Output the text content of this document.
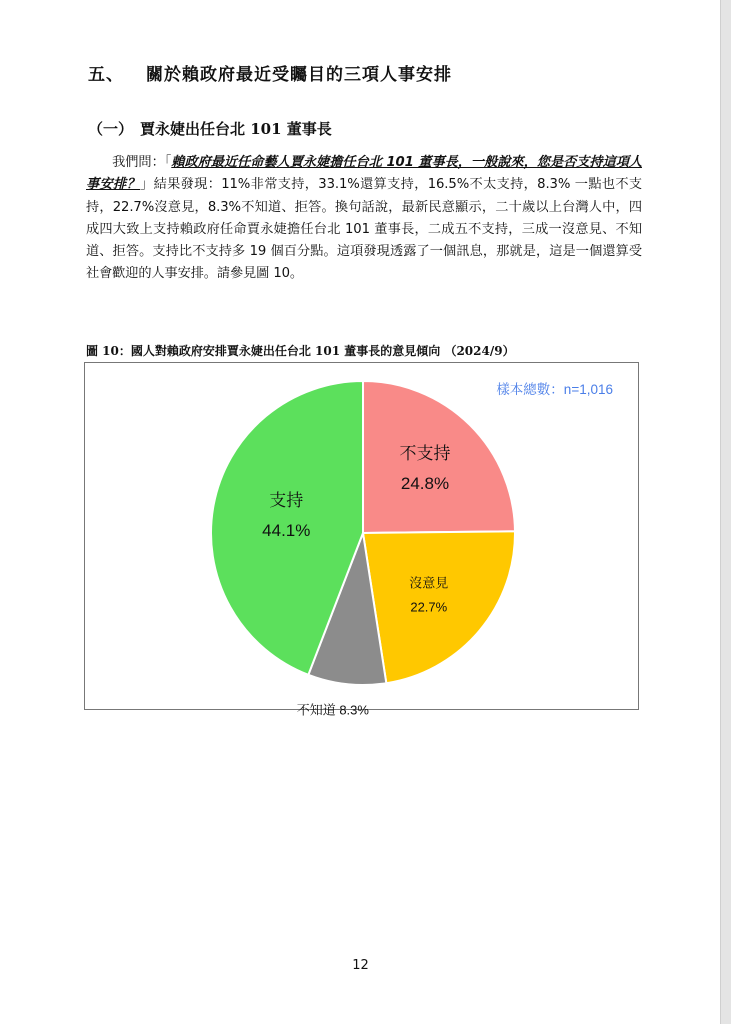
五、 關於賴政府最近受矚目的三項人事安排
（一） 賈永婕出任台北 101 董事長

我們問：「賴政府最近任命藝人賈永婕擔任台北 101 董事長，一般說來，您是否支持這項人事安排？」結果發現：11%非常支持，33.1%還算支持，16.5%不太支持，8.3% 一點也不支持，22.7%沒意見，8.3%不知道、拒答。換句話說，最新民意顯示，二十歲以上台灣人中，四成四大致上支持賴政府任命賈永婕擔任台北 101 董事長，二成五不支持，三成一沒意見、不知道、拒答。支持比不支持多 19 個百分點。這項發現透露了一個訊息，那就是，這是一個還算受社會歡迎的人事安排。請參見圖 10。

圖 10：國人對賴政府安排賈永婕出任台北 101 董事長的意見傾向 （2024/9）
不支持
24.8%
沒意見
22.7%
不知道 8.3%
支持
44.1%
樣本總數：n=1,016
12
